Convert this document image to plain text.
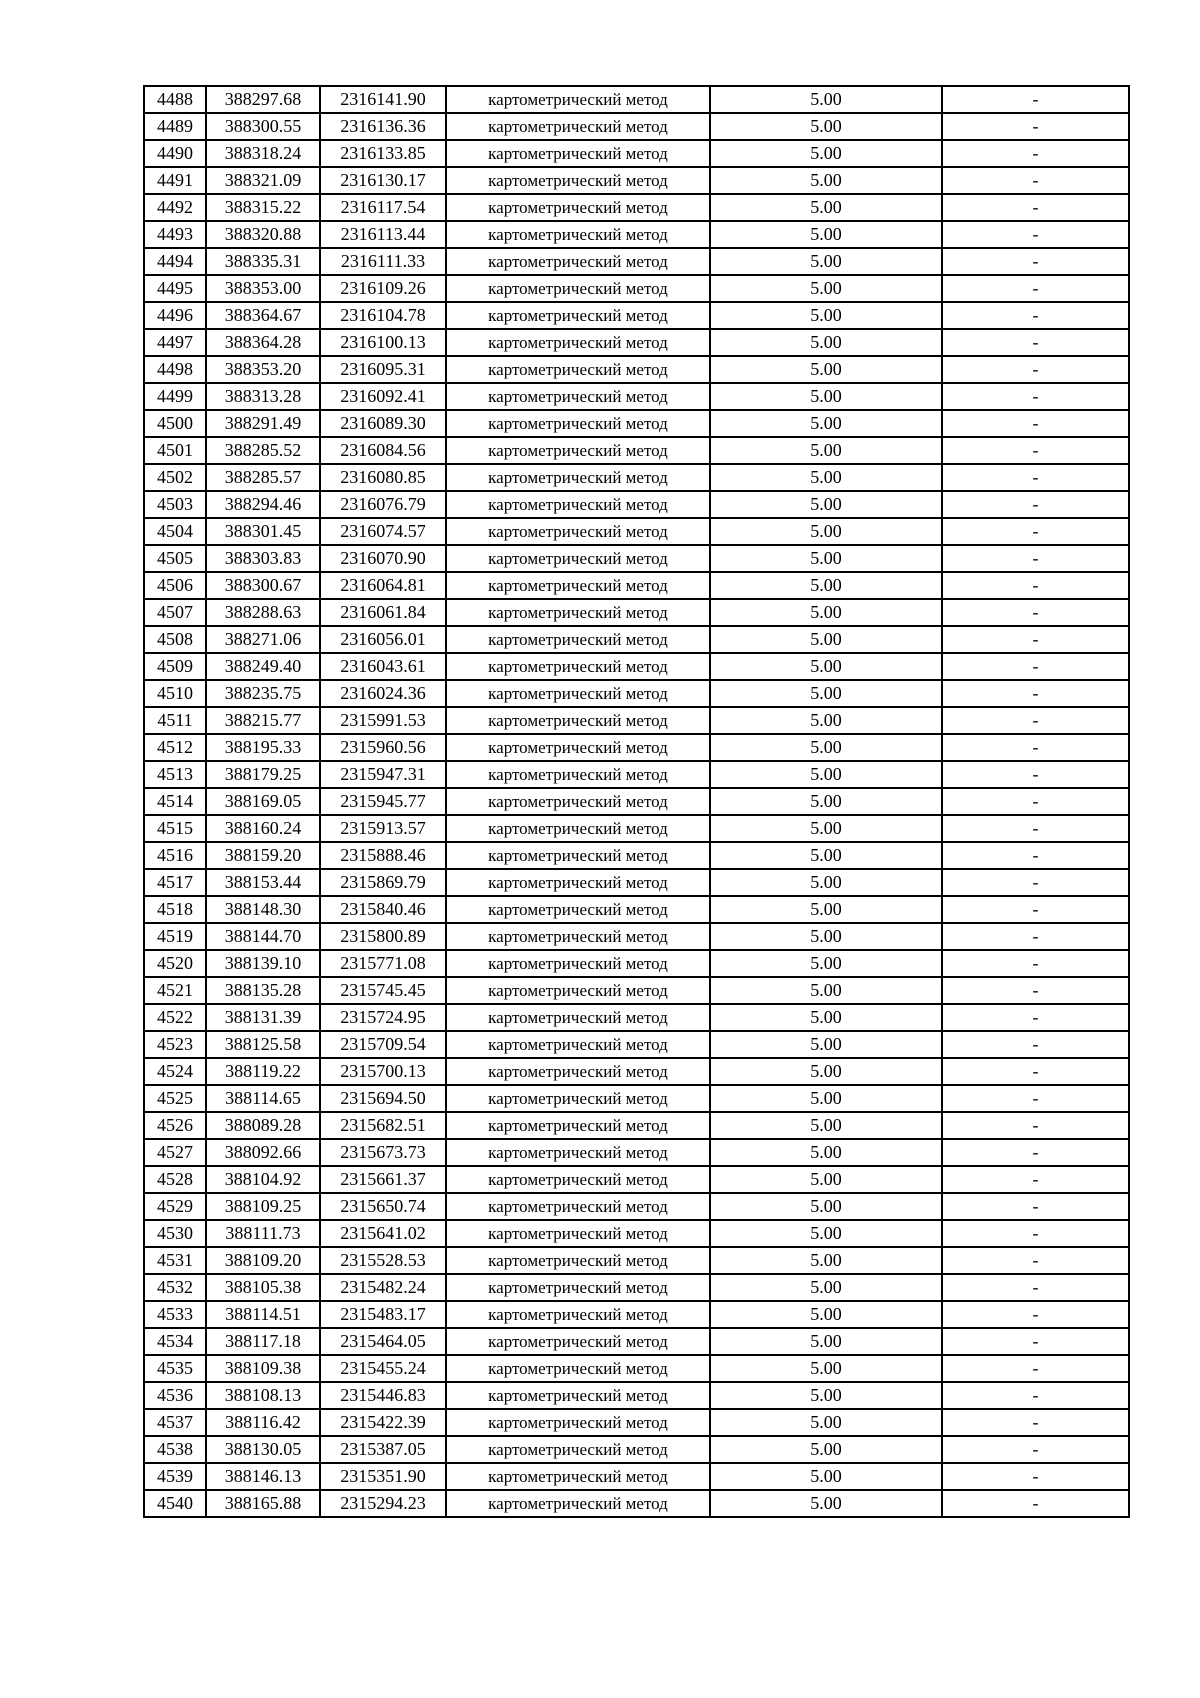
4488	388297.68	2316141.90	картометрический метод	5.00	-
4489	388300.55	2316136.36	картометрический метод	5.00	-
4490	388318.24	2316133.85	картометрический метод	5.00	-
4491	388321.09	2316130.17	картометрический метод	5.00	-
4492	388315.22	2316117.54	картометрический метод	5.00	-
4493	388320.88	2316113.44	картометрический метод	5.00	-
4494	388335.31	2316111.33	картометрический метод	5.00	-
4495	388353.00	2316109.26	картометрический метод	5.00	-
4496	388364.67	2316104.78	картометрический метод	5.00	-
4497	388364.28	2316100.13	картометрический метод	5.00	-
4498	388353.20	2316095.31	картометрический метод	5.00	-
4499	388313.28	2316092.41	картометрический метод	5.00	-
4500	388291.49	2316089.30	картометрический метод	5.00	-
4501	388285.52	2316084.56	картометрический метод	5.00	-
4502	388285.57	2316080.85	картометрический метод	5.00	-
4503	388294.46	2316076.79	картометрический метод	5.00	-
4504	388301.45	2316074.57	картометрический метод	5.00	-
4505	388303.83	2316070.90	картометрический метод	5.00	-
4506	388300.67	2316064.81	картометрический метод	5.00	-
4507	388288.63	2316061.84	картометрический метод	5.00	-
4508	388271.06	2316056.01	картометрический метод	5.00	-
4509	388249.40	2316043.61	картометрический метод	5.00	-
4510	388235.75	2316024.36	картометрический метод	5.00	-
4511	388215.77	2315991.53	картометрический метод	5.00	-
4512	388195.33	2315960.56	картометрический метод	5.00	-
4513	388179.25	2315947.31	картометрический метод	5.00	-
4514	388169.05	2315945.77	картометрический метод	5.00	-
4515	388160.24	2315913.57	картометрический метод	5.00	-
4516	388159.20	2315888.46	картометрический метод	5.00	-
4517	388153.44	2315869.79	картометрический метод	5.00	-
4518	388148.30	2315840.46	картометрический метод	5.00	-
4519	388144.70	2315800.89	картометрический метод	5.00	-
4520	388139.10	2315771.08	картометрический метод	5.00	-
4521	388135.28	2315745.45	картометрический метод	5.00	-
4522	388131.39	2315724.95	картометрический метод	5.00	-
4523	388125.58	2315709.54	картометрический метод	5.00	-
4524	388119.22	2315700.13	картометрический метод	5.00	-
4525	388114.65	2315694.50	картометрический метод	5.00	-
4526	388089.28	2315682.51	картометрический метод	5.00	-
4527	388092.66	2315673.73	картометрический метод	5.00	-
4528	388104.92	2315661.37	картометрический метод	5.00	-
4529	388109.25	2315650.74	картометрический метод	5.00	-
4530	388111.73	2315641.02	картометрический метод	5.00	-
4531	388109.20	2315528.53	картометрический метод	5.00	-
4532	388105.38	2315482.24	картометрический метод	5.00	-
4533	388114.51	2315483.17	картометрический метод	5.00	-
4534	388117.18	2315464.05	картометрический метод	5.00	-
4535	388109.38	2315455.24	картометрический метод	5.00	-
4536	388108.13	2315446.83	картометрический метод	5.00	-
4537	388116.42	2315422.39	картометрический метод	5.00	-
4538	388130.05	2315387.05	картометрический метод	5.00	-
4539	388146.13	2315351.90	картометрический метод	5.00	-
4540	388165.88	2315294.23	картометрический метод	5.00	-
